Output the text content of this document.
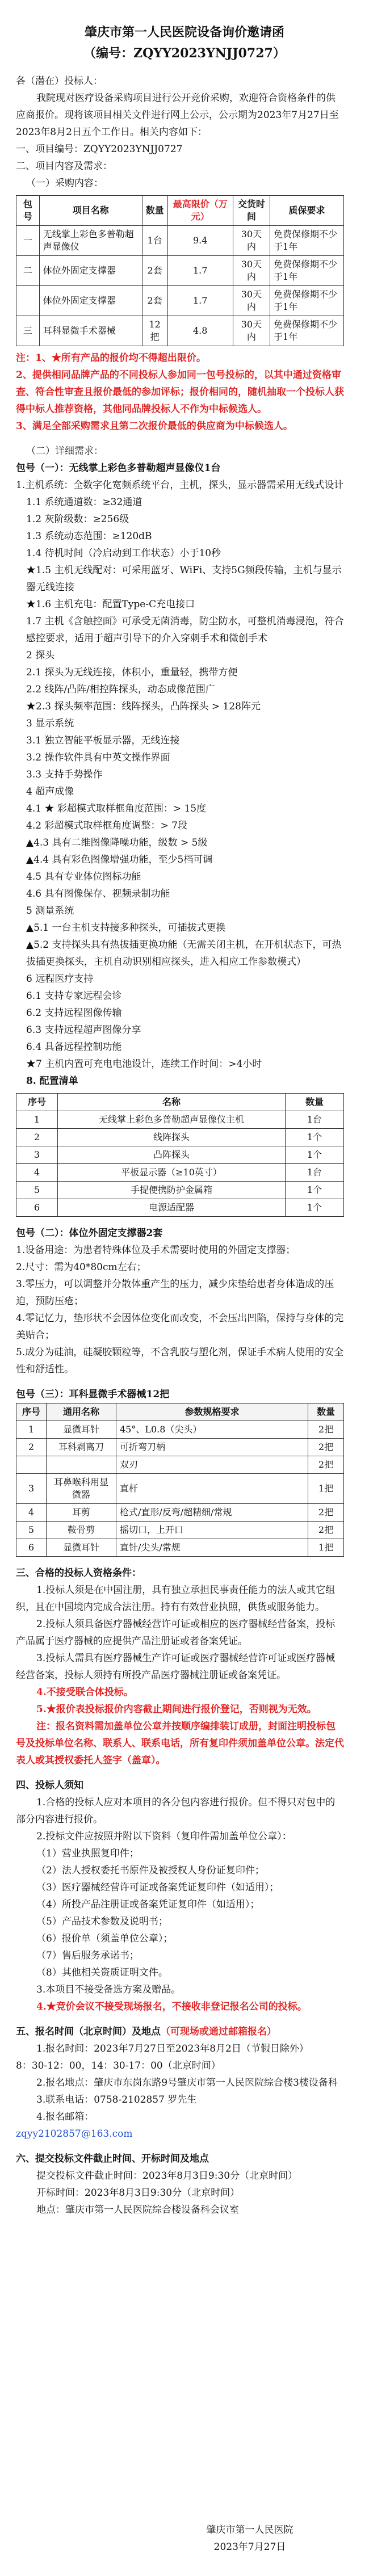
肇庆市第一人民医院设备询价邀请函
（编号：ZQYY2023YNJJ0727）
各（潜在）投标人：
我院现对医疗设备采购项目进行公开竞价采购，欢迎符合资格条件的供应商报价。现将该项目相关文件进行网上公示，公示期为2023年7月27日至2023年8月2日五个工作日。相关内容如下：
一、项目编号：ZQYY2023YNJJ0727
二、项目内容及需求：
（一）采购内容：
包号	项目名称	数量	最高限价（万元）	交货时间	质保要求
一	无线掌上彩色多普勒超声显像仪	1台	9.4	30天内	免费保修期不少于1年
二	体位外固定支撑器	2套	1.7	30天内	免费保修期不少于1年
	体位外固定支撑器	2套	1.7	30天内	免费保修期不少于1年
三	耳科显微手术器械	12把	4.8	30天内	免费保修期不少于1年
注：1、★所有产品的报价均不得超出限价。
2、提供相同品牌产品的不同投标人参加同一包号投标的，以其中通过资格审查、符合性审查且报价最低的参加评标；报价相同的，随机抽取一个投标人获得中标人推荐资格，其他同品牌投标人不作为中标候选人。
3、满足全部采购需求且第二次报价最低的供应商为中标候选人。
（二）详细需求：
包号（一）：无线掌上彩色多普勒超声显像仪1台
1.主机系统：全数字化宽频系统平台，主机，探头，显示器需采用无线式设计
1.1 系统通道数：≥32通道
1.2 灰阶级数：≥256级
1.3 系统动态范围：≥120dB
1.4 待机时间（冷启动到工作状态）小于10秒
★1.5 主机无线配对：可采用蓝牙、WiFi、支持5G频段传输，主机与显示器无线连接
★1.6 主机充电：配置Type-C充电接口
1.7 主机《含触控面》可承受无菌消毒，防尘防水，可整机消毒浸泡，符合感控要求，适用于超声引导下的介入穿刺手术和微创手术
2 探头
2.1 探头为无线连接，体积小，重量轻，携带方便
2.2 线阵/凸阵/相控阵探头，动态成像范围广
★2.3 探头频率范围：线阵探头，凸阵探头 > 128阵元
3 显示系统
3.1 独立智能平板显示器，无线连接
3.2 操作软件具有中英文操作界面
3.3 支持手势操作
4 超声成像
4.1 ★ 彩超模式取样框角度范围：> 15度
4.2 彩超模式取样框角度调整：> 7段
▲4.3 具有二维图像降噪功能，级数 > 5级
▲4.4 具有彩色图像增强功能，至少5档可调
4.5 具有专业体位图标功能
4.6 具有图像保存、视频录制功能
5 测量系统
▲5.1 一台主机支持接多种探头，可插拔式更换
▲5.2 支持探头具有热拔插更换功能（无需关闭主机，在开机状态下，可热拔插更换探头，主机自动识别相应探头，进入相应工作参数模式）
6 远程医疗支持
6.1 支持专家远程会诊
6.2 支持远程图像传输
6.3 支持远程超声图像分享
6.4 具备远程控制功能
★7 主机内置可充电电池设计，连续工作时间：>4小时
8. 配置清单
序号	名称	数量
1	无线掌上彩色多普勒超声显像仪主机	1台
2	线阵探头	1个
3	凸阵探头	1个
4	平板显示器（≥10英寸）	1台
5	手提便携防护金属箱	1个
6	电源适配器	1个
包号（二）：体位外固定支撑器2套
1.设备用途：为患者特殊体位及手术需要时使用的外固定支撑器；
2.尺寸：需为40*80cm左右；
3.零压力，可以调整并分散体重产生的压力，减少床垫给患者身体造成的压迫，预防压疮；
4.零记忆力，垫形状不会因体位变化而改变，不会压出凹陷，保持与身体的完美贴合；
5.成分为硅油，硅凝胶颗粒等，不含乳胶与塑化剂，保证手术病人使用的安全性和舒适性。
包号（三）：耳科显微手术器械12把
序号	通用名称	参数规格要求	数量
1	显微耳针	45°、L0.8（尖头）	2把
2	耳科剥离刀	可折弯刀柄	2把
		双刃	2把
3	耳鼻喉科用显微器	直杆	1把
4	耳剪	枪式/直形/反弯/超精细/常规	2把
5	鞍骨剪	摇切口，上开口	2把
6	显微耳针	直针/尖头/常规	1把
三、合格的投标人资格条件：
1.投标人须是在中国注册，具有独立承担民事责任能力的法人或其它组织，且在中国境内完成合法注册。持有有效营业执照，供货或服务能力。
2.投标人须具备医疗器械经营许可证或相应的医疗器械经营备案，投标产品属于医疗器械的应提供产品注册证或者备案凭证。
3.投标人需具有医疗器械生产许可证或医疗器械经营许可证或医疗器械经营备案，投标人须持有所投产品医疗器械注册证或备案凭证。
4.不接受联合体投标。
5.★报价表投标报价内容截止期间进行报价登记，否则视为无效。
注：报名资料需加盖单位公章并按顺序编排装订成册，封面注明投标包号及投标单位名称、联系人、联系电话，所有复印件须加盖单位公章。法定代表人或其授权委托人签字（盖章）。
四、投标人须知
1.合格的投标人应对本项目的各分包内容进行报价。但不得只对包中的部分内容进行报价。
2.投标文件应按照并附以下资料（复印件需加盖单位公章）：
（1）营业执照复印件；
（2）法人授权委托书原件及被授权人身份证复印件；
（3）医疗器械经营许可证或备案凭证复印件（如适用）；
（4）所投产品注册证或备案凭证复印件（如适用）；
（5）产品技术参数及说明书；
（6）报价单（须盖单位公章）；
（7）售后服务承诺书；
（8）其他相关资质证明文件。
3.本项目不接受备选方案及赠品。
4.★竞价会议不接受现场报名，不接收非登记报名公司的投标。
五、报名时间（北京时间）及地点（可现场或通过邮箱报名）
1.报名时间：2023年7月27日至2023年8月2日（节假日除外）
8：30-12：00，14：30-17：00（北京时间）
2.报名地点：肇庆市东岗东路9号肇庆市第一人民医院综合楼3楼设备科
3.联系电话：0758-2102857 罗先生
4.报名邮箱：
zqyy2102857@163.com
六、提交投标文件截止时间、开标时间及地点
提交投标文件截止时间：2023年8月3日9:30分（北京时间）
开标时间：2023年8月3日9:30分（北京时间）
地点：肇庆市第一人民医院综合楼设备科会议室
肇庆市第一人民医院
2023年7月27日
